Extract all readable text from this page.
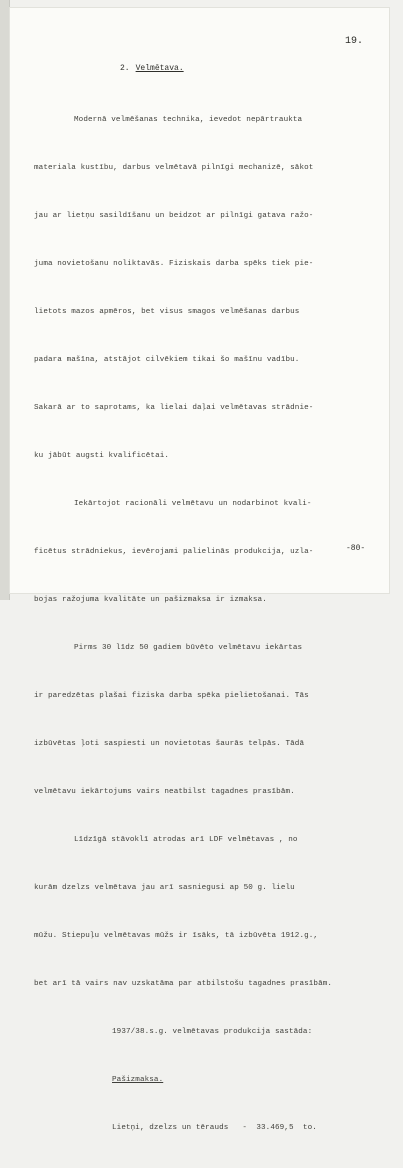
19.
2. Velmētava.

Modernā velmēšanas technika, ievedot nepārtraukta

materiala kustību, darbus velmētavā pilnīgi mechanizē, sākot

jau ar lietņu sasildīšanu un beidzot ar pilnīgi gatava ražo-

juma novietošanu noliktavās. Fiziskais darba spēks tiek pie-

lietots mazos apmēros, bet visus smagos velmēšanas darbus

padara mašīna, atstājot cilvēkiem tikai šo mašīnu vadību.

Sakarā ar to saprotams, ka lielai daļai velmētavas strādnie-

ku jābūt augsti kvalificētai.

Iekārtojot racionāli velmētavu un nodarbinot kvali-

ficētus strādniekus, ievērojami palielinās produkcija, uzla-

bojas ražojuma kvalitāte un pašizmaksa ir izmaksa.

Pirms 30 līdz 50 gadiem būvēto velmētavu iekārtas

ir paredzētas plašai fiziska darba spēka pielietošanai. Tās

izbūvētas ļoti saspiesti un novietotas šaurās telpās. Tādā

velmētavu iekārtojums vairs neatbilst tagadnes prasībām.

Līdzīgā stāvoklī atrodas arī LDF velmētavas , no

kurām dzelzs velmētava jau arī sasniegusi ap 50 g. lielu

mūžu. Stiepuļu velmētavas mūžs ir īsāks, tā izbūvēta 1912.g.,

bet arī tā vairs nav uzskatāma par atbilstošu tagadnes prasībām.

1937/38.s.g. velmētavas produkcija sastāda:

Pašizmaksa.

Lietņi, dzelzs un tērauds   -  33.469,5  to.

-80-
